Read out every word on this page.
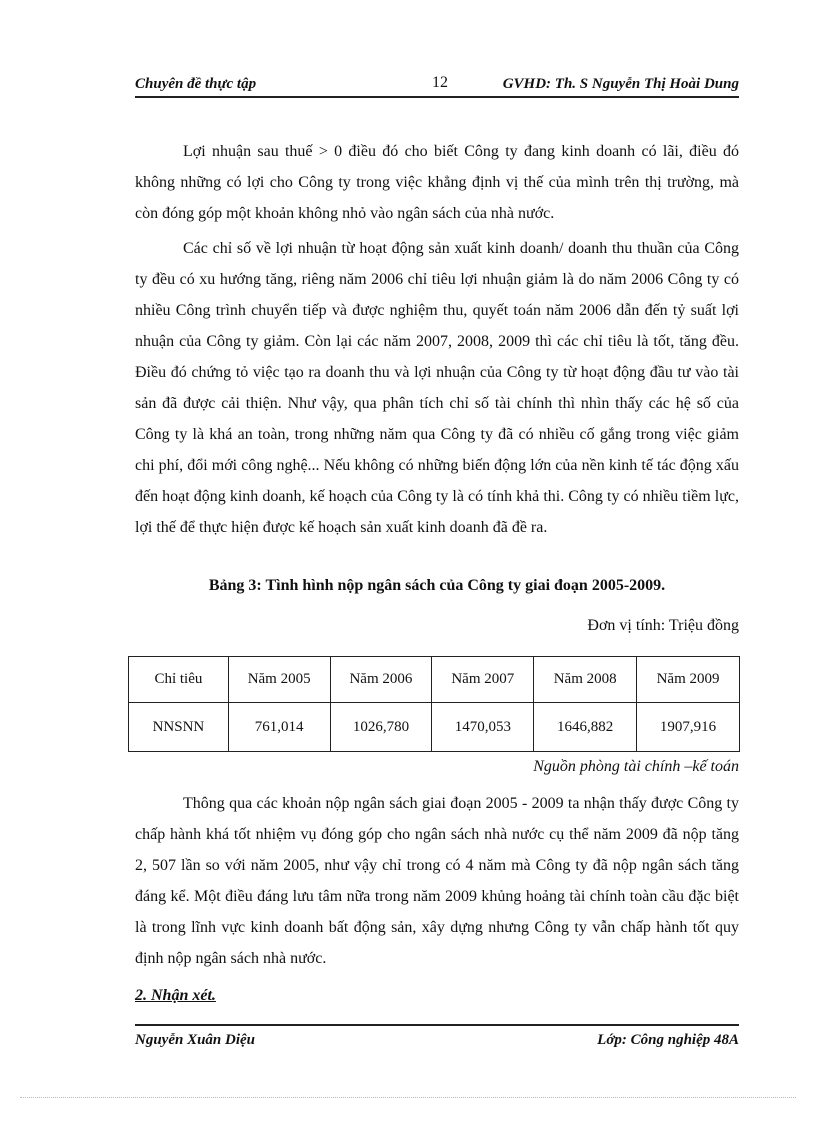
Chuyên đề thực tập	12	GVHD: Th. S Nguyễn Thị Hoài Dung

Lợi nhuận sau thuế > 0 điều đó cho biết Công ty đang kinh doanh có lãi, điều đó không những có lợi cho Công ty trong việc khẳng định vị thế của mình trên thị trường, mà còn đóng góp một khoản không nhỏ vào ngân sách của nhà nước.

Các chỉ số về lợi nhuận từ hoạt động sản xuất kinh doanh/ doanh thu thuần của Công ty đều có xu hướng tăng, riêng năm 2006 chỉ tiêu lợi nhuận giảm là do năm 2006 Công ty có nhiều Công trình chuyển tiếp và được nghiệm thu, quyết toán năm 2006 dẫn đến tỷ suất lợi nhuận của Công ty giảm. Còn lại các năm 2007, 2008, 2009 thì các chỉ tiêu là tốt, tăng đều. Điều đó chứng tỏ việc tạo ra doanh thu và lợi nhuận của Công ty từ hoạt động đầu tư vào tài sản đã được cải thiện. Như vậy, qua phân tích chỉ số tài chính thì nhìn thấy các hệ số của Công ty là khá an toàn, trong những năm qua Công ty đã có nhiều cố gắng trong việc giảm chi phí, đổi mới công nghệ... Nếu không có những biến động lớn của nền kinh tế tác động xấu đến hoạt động kinh doanh, kế hoạch của Công ty là có tính khả thi. Công ty có nhiều tiềm lực, lợi thế để thực hiện được kế hoạch sản xuất kinh doanh đã đề ra.

Bảng 3: Tình hình nộp ngân sách của Công ty giai đoạn 2005-2009.
Đơn vị tính: Triệu đồng
Chỉ tiêu	Năm 2005	Năm 2006	Năm 2007	Năm 2008	Năm 2009
NNSNN	761,014	1026,780	1470,053	1646,882	1907,916
Nguồn phòng tài chính –kế toán

Thông qua các khoản nộp ngân sách giai đoạn 2005 - 2009 ta nhận thấy được Công ty chấp hành khá tốt nhiệm vụ đóng góp cho ngân sách nhà nước cụ thể năm 2009 đã nộp tăng 2, 507 lần so với năm 2005, như vậy chỉ trong có 4 năm mà Công ty đã nộp ngân sách tăng đáng kể. Một điều đáng lưu tâm nữa trong năm 2009 khủng hoảng tài chính toàn cầu đặc biệt là trong lĩnh vực kinh doanh bất động sản, xây dựng nhưng Công ty vẫn chấp hành tốt quy định nộp ngân sách nhà nước.

2. Nhận xét.
Nguyễn Xuân Diệu	Lớp: Công nghiệp 48A
